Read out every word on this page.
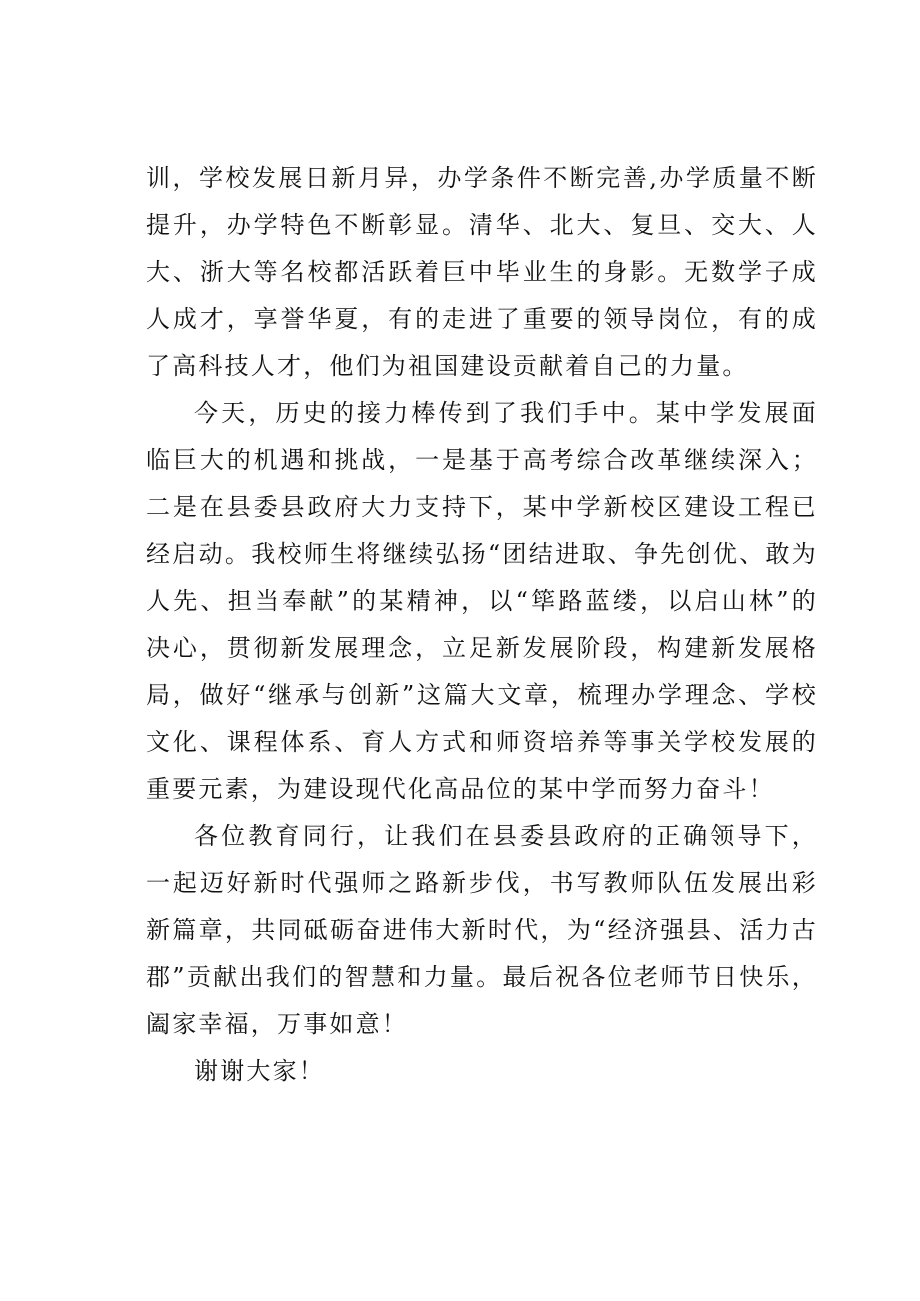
训，学校发展日新月异，办学条件不断完善,办学质量不断提升，办学特色不断彰显。清华、北大、复旦、交大、人大、浙大等名校都活跃着巨中毕业生的身影。无数学子成人成才，享誉华夏，有的走进了重要的领导岗位，有的成了高科技人才，他们为祖国建设贡献着自己的力量。

今天，历史的接力棒传到了我们手中。某中学发展面临巨大的机遇和挑战，一是基于高考综合改革继续深入；二是在县委县政府大力支持下，某中学新校区建设工程已经启动。我校师生将继续弘扬“团结进取、争先创优、敢为人先、担当奉献”的某精神，以“筚路蓝缕，以启山林”的决心，贯彻新发展理念，立足新发展阶段，构建新发展格局，做好“继承与创新”这篇大文章，梳理办学理念、学校文化、课程体系、育人方式和师资培养等事关学校发展的重要元素，为建设现代化高品位的某中学而努力奋斗！

各位教育同行，让我们在县委县政府的正确领导下，一起迈好新时代强师之路新步伐，书写教师队伍发展出彩新篇章，共同砥砺奋进伟大新时代，为“经济强县、活力古郡”贡献出我们的智慧和力量。最后祝各位老师节日快乐，阖家幸福，万事如意！

谢谢大家！
